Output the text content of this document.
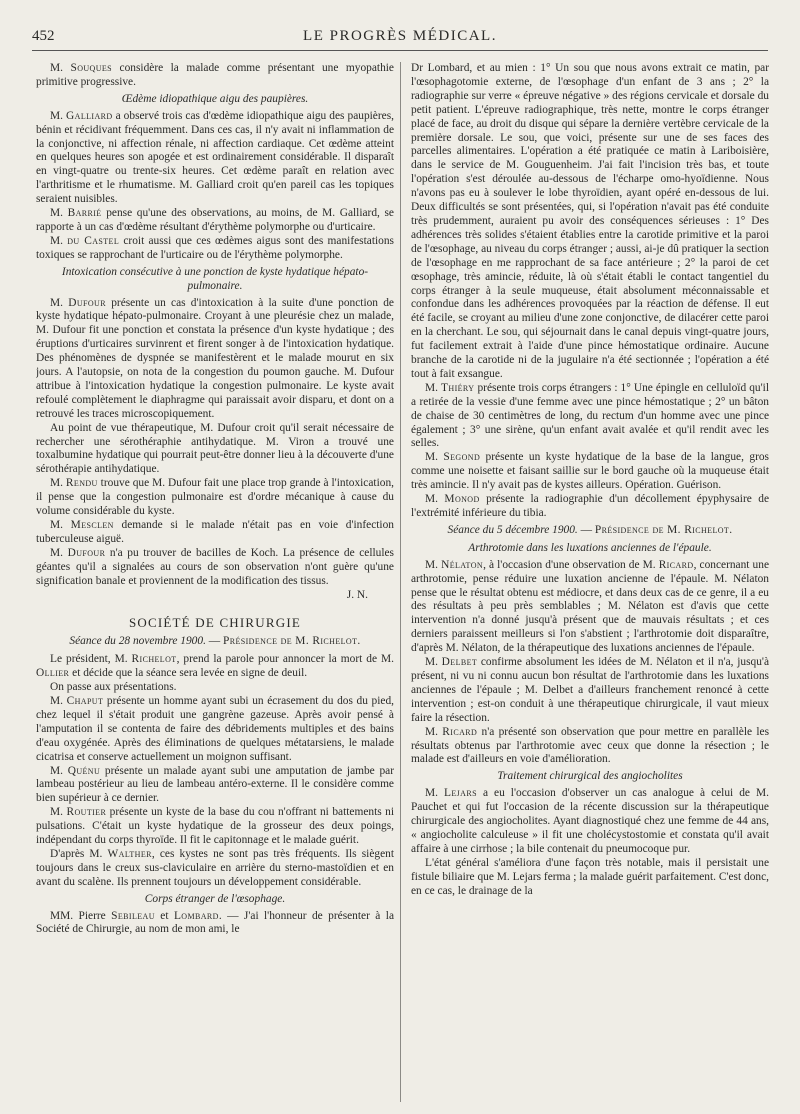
452	LE PROGRÈS MÉDICAL.

M. Souques considère la malade comme présentant une myopathie primitive progressive.

Œdème idiopathique aigu des paupières.

M. Galliard a observé trois cas d'œdème idiopathique aigu des paupières, bénin et récidivant fréquemment. Dans ces cas, il n'y avait ni inflammation de la conjonctive, ni affection rénale, ni affection cardiaque. Cet œdème atteint en quelques heures son apogée et est ordinairement considérable. Il disparaît en vingt-quatre ou trente-six heures. Cet œdème paraît en relation avec l'arthritisme et le rhumatisme. M. Galliard croit qu'en pareil cas les topiques seraient nuisibles.

M. Barrié pense qu'une des observations, au moins, de M. Galliard, se rapporte à un cas d'œdème résultant d'érythème polymorphe ou d'urticaire.

M. du Castel croit aussi que ces œdèmes aigus sont des manifestations toxiques se rapprochant de l'urticaire ou de l'érythème polymorphe.

Intoxication consécutive à une ponction de kyste hydatique hépato-pulmonaire.

M. Dufour présente un cas d'intoxication à la suite d'une ponction de kyste hydatique hépato-pulmonaire. Croyant à une pleurésie chez un malade, M. Dufour fit une ponction et constata la présence d'un kyste hydatique ; des éruptions d'urticaires survinrent et firent songer à de l'intoxication hydatique. Des phénomènes de dyspnée se manifestèrent et le malade mourut en six jours. A l'autopsie, on nota de la congestion du poumon gauche. M. Dufour attribue à l'intoxication hydatique la congestion pulmonaire. Le kyste avait refoulé complètement le diaphragme qui paraissait avoir disparu, et dont on a retrouvé les traces microscopiquement.

Au point de vue thérapeutique, M. Dufour croit qu'il serait nécessaire de rechercher une sérothéraphie antihydatique. M. Viron a trouvé une toxalbumine hydatique qui pourrait peut-être donner lieu à la découverte d'une sérothérapie antihydatique.

M. Rendu trouve que M. Dufour fait une place trop grande à l'intoxication, il pense que la congestion pulmonaire est d'ordre mécanique à cause du volume considérable du kyste.

M. Mesclen demande si le malade n'était pas en voie d'infection tuberculeuse aiguë.

M. Dufour n'a pu trouver de bacilles de Koch. La présence de cellules géantes qu'il a signalées au cours de son observation n'ont guère qu'une signification banale et proviennent de la modification des tissus.

J. N.
SOCIÉTÉ DE CHIRURGIE
Séance du 28 novembre 1900. — Présidence de M. Richelot.

Le président, M. Richelot, prend la parole pour annoncer la mort de M. Ollier et décide que la séance sera levée en signe de deuil.

On passe aux présentations.

M. Chaput présente un homme ayant subi un écrasement du dos du pied, chez lequel il s'était produit une gangrène gazeuse. Après avoir pensé à l'amputation il se contenta de faire des débridements multiples et des bains d'eau oxygénée. Après des éliminations de quelques métatarsiens, le malade cicatrisa et conserve actuellement un moignon suffisant.

M. Quénu présente un malade ayant subi une amputation de jambe par lambeau postérieur au lieu de lambeau antéro-externe. Il le considère comme bien supérieur à ce dernier.

M. Routier présente un kyste de la base du cou n'offrant ni battements ni pulsations. C'était un kyste hydatique de la grosseur des deux poings, indépendant du corps thyroïde. Il fit le capitonnage et le malade guérit.

D'après M. Walther, ces kystes ne sont pas très fréquents. Ils siègent toujours dans le creux sus-claviculaire en arrière du sterno-mastoïdien et en avant du scalène. Ils prennent toujours un développement considérable.

Corps étranger de l'œsophage.

MM. Pierre Sebileau et Lombard. — J'ai l'honneur de présenter à la Société de Chirurgie, au nom de mon ami, le

Dr Lombard, et au mien : 1° Un sou que nous avons extrait ce matin, par l'œsophagotomie externe, de l'œsophage d'un enfant de 3 ans ; 2° la radiographie sur verre « épreuve négative » des régions cervicale et dorsale du petit patient. L'épreuve radiographique, très nette, montre le corps étranger placé de face, au droit du disque qui sépare la dernière vertèbre cervicale de la première dorsale. Le sou, que voici, présente sur une de ses faces des parcelles alimentaires. L'opération a été pratiquée ce matin à Lariboisière, dans le service de M. Gouguenheim. J'ai fait l'incision très bas, et toute l'opération s'est déroulée au-dessous de l'écharpe omo-hyoïdienne. Nous n'avons pas eu à soulever le lobe thyroïdien, ayant opéré en-dessous de lui. Deux difficultés se sont présentées, qui, si l'opération n'avait pas été conduite très prudemment, auraient pu avoir des conséquences sérieuses : 1° Des adhérences très solides s'étaient établies entre la carotide primitive et la paroi de l'œsophage, au niveau du corps étranger ; aussi, ai-je dû pratiquer la section de l'œsophage en me rapprochant de sa face antérieure ; 2° la paroi de cet œsophage, très amincie, réduite, là où s'était établi le contact tangentiel du corps étranger à la seule muqueuse, était absolument méconnaissable et confondue dans les adhérences provoquées par la réaction de défense. Il eut été facile, se croyant au milieu d'une zone conjonctive, de dilacérer cette paroi en la cherchant. Le sou, qui séjournait dans le canal depuis vingt-quatre jours, fut facilement extrait à l'aide d'une pince hémostatique ordinaire. Aucune branche de la carotide ni de la jugulaire n'a été sectionnée ; l'opération a été tout à fait exsangue.

M. Thiéry présente trois corps étrangers : 1° Une épingle en celluloïd qu'il a retirée de la vessie d'une femme avec une pince hémostatique ; 2° un bâton de chaise de 30 centimètres de long, du rectum d'un homme avec une pince également ; 3° une sirène, qu'un enfant avait avalée et qu'il rendit avec les selles.

M. Segond présente un kyste hydatique de la base de la langue, gros comme une noisette et faisant saillie sur le bord gauche où la muqueuse était très amincie. Il n'y avait pas de kystes ailleurs. Opération. Guérison.

M. Monod présente la radiographie d'un décollement épyphysaire de l'extrémité inférieure du tibia.

Séance du 5 décembre 1900. — Présidence de M. Richelot.
Arthrotomie dans les luxations anciennes de l'épaule.

M. Nélaton, à l'occasion d'une observation de M. Ricard, concernant une arthrotomie, pense réduire une luxation ancienne de l'épaule. M. Nélaton pense que le résultat obtenu est médiocre, et dans deux cas de ce genre, il a eu des résultats à peu près semblables ; M. Nélaton est d'avis que cette intervention n'a donné jusqu'à présent que de mauvais résultats ; et ces derniers paraissent meilleurs si l'on s'abstient ; l'arthrotomie doit disparaître, d'après M. Nélaton, de la thérapeutique des luxations anciennes de l'épaule.

M. Delbet confirme absolument les idées de M. Nélaton et il n'a, jusqu'à présent, ni vu ni connu aucun bon résultat de l'arthrotomie dans les luxations anciennes de l'épaule ; M. Delbet a d'ailleurs franchement renoncé à cette intervention ; est-on conduit à une thérapeutique chirurgicale, il vaut mieux faire la résection.

M. Ricard n'a présenté son observation que pour mettre en parallèle les résultats obtenus par l'arthrotomie avec ceux que donne la résection ; le malade est d'ailleurs en voie d'amélioration.

Traitement chirurgical des angiocholites

M. Lejars a eu l'occasion d'observer un cas analogue à celui de M. Pauchet et qui fut l'occasion de la récente discussion sur la thérapeutique chirurgicale des angiocholites. Ayant diagnostiqué chez une femme de 44 ans, « angiocholite calculeuse » il fit une cholécystostomie et constata qu'il avait affaire à une cirrhose ; la bile contenait du pneumocoque pur.

L'état général s'améliora d'une façon très notable, mais il persistait une fistule biliaire que M. Lejars ferma ; la malade guérit parfaitement. C'est donc, en ce cas, le drainage de la
